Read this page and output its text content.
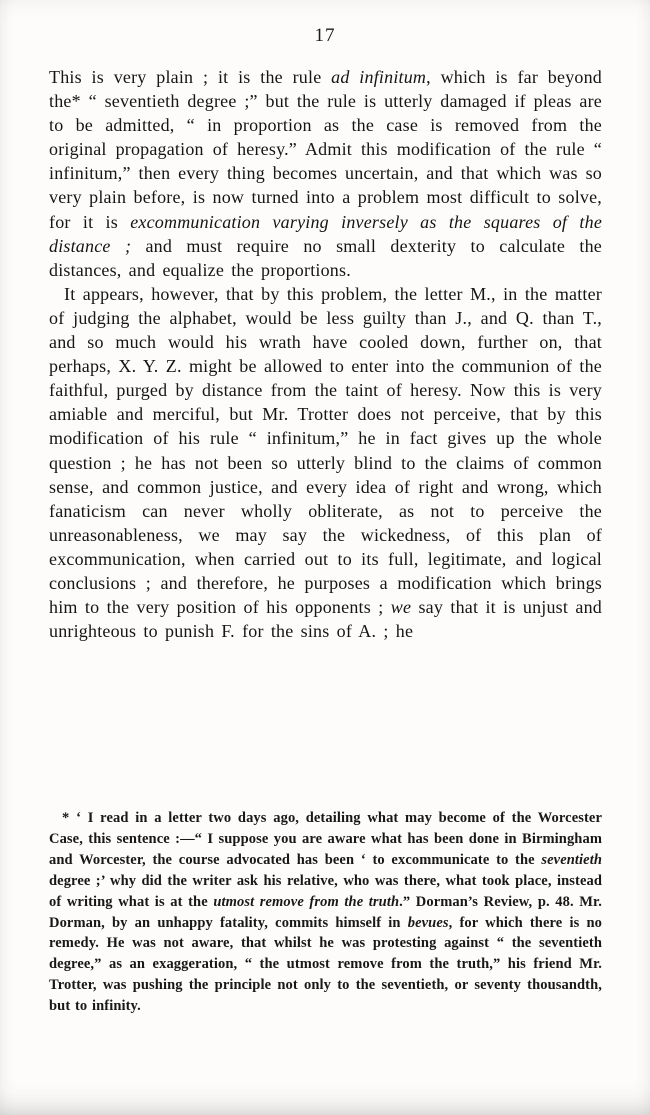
17

This is very plain ; it is the rule ad infinitum, which is far beyond the* “ seventieth degree ;” but the rule is utterly damaged if pleas are to be admitted, “ in proportion as the case is removed from the original propagation of heresy.” Admit this modification of the rule “ infinitum,” then every thing becomes uncertain, and that which was so very plain before, is now turned into a problem most difficult to solve, for it is excommunication varying inversely as the squares of the distance ; and must require no small dexterity to calculate the distances, and equalize the proportions.

It appears, however, that by this problem, the letter M., in the matter of judging the alphabet, would be less guilty than J., and Q. than T., and so much would his wrath have cooled down, further on, that perhaps, X. Y. Z. might be allowed to enter into the communion of the faithful, purged by distance from the taint of heresy. Now this is very amiable and merciful, but Mr. Trotter does not perceive, that by this modification of his rule “ infinitum,” he in fact gives up the whole question ; he has not been so utterly blind to the claims of common sense, and common justice, and every idea of right and wrong, which fanaticism can never wholly obliterate, as not to perceive the unreasonableness, we may say the wickedness, of this plan of excommunication, when carried out to its full, legitimate, and logical conclusions ; and therefore, he purposes a modification which brings him to the very position of his opponents ; we say that it is unjust and unrighteous to punish F. for the sins of A. ; he

* ‘ I read in a letter two days ago, detailing what may become of the Worcester Case, this sentence :—“ I suppose you are aware what has been done in Birmingham and Worcester, the course advocated has been ‘ to excommunicate to the seventieth degree ;’ why did the writer ask his relative, who was there, what took place, instead of writing what is at the utmost remove from the truth.” Dorman’s Review, p. 48. Mr. Dorman, by an unhappy fatality, commits himself in bevues, for which there is no remedy. He was not aware, that whilst he was protesting against “ the seventieth degree,” as an exaggeration, “ the utmost remove from the truth,” his friend Mr. Trotter, was pushing the principle not only to the seventieth, or seventy thousandth, but to infinity.
